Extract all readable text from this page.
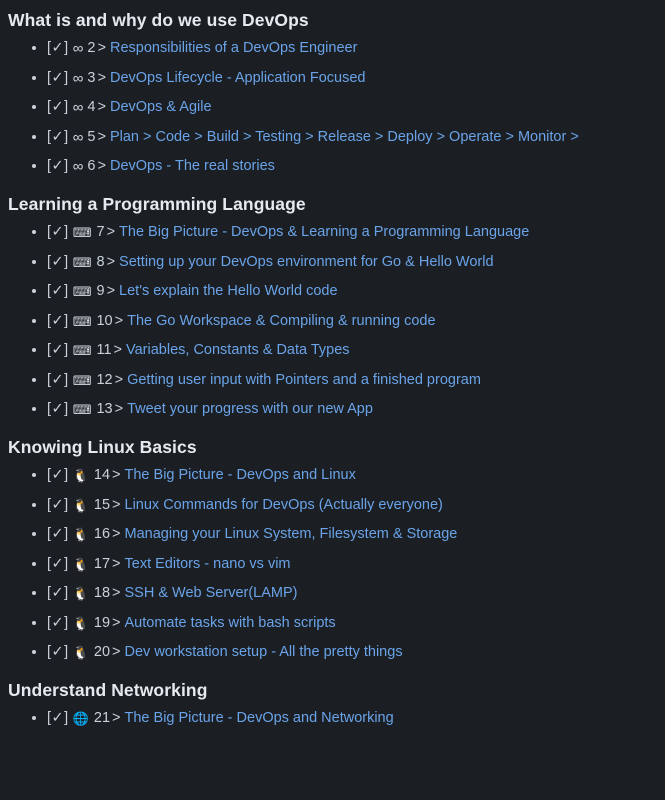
What is and why do we use DevOps
[✓] ∞ 2 > Responsibilities of a DevOps Engineer
[✓] ∞ 3 > DevOps Lifecycle - Application Focused
[✓] ∞ 4 > DevOps & Agile
[✓] ∞ 5 > Plan > Code > Build > Testing > Release > Deploy > Operate > Monitor >
[✓] ∞ 6 > DevOps - The real stories
Learning a Programming Language
[✓] ⌨ 7 > The Big Picture - DevOps & Learning a Programming Language
[✓] ⌨ 8 > Setting up your DevOps environment for Go & Hello World
[✓] ⌨ 9 > Let's explain the Hello World code
[✓] ⌨ 10 > The Go Workspace & Compiling & running code
[✓] ⌨ 11 > Variables, Constants & Data Types
[✓] ⌨ 12 > Getting user input with Pointers and a finished program
[✓] ⌨ 13 > Tweet your progress with our new App
Knowing Linux Basics
[✓] 🐧 14 > The Big Picture - DevOps and Linux
[✓] 🐧 15 > Linux Commands for DevOps (Actually everyone)
[✓] 🐧 16 > Managing your Linux System, Filesystem & Storage
[✓] 🐧 17 > Text Editors - nano vs vim
[✓] 🐧 18 > SSH & Web Server(LAMP)
[✓] 🐧 19 > Automate tasks with bash scripts
[✓] 🐧 20 > Dev workstation setup - All the pretty things
Understand Networking
[✓] 🌐 21 > The Big Picture - DevOps and Networking
